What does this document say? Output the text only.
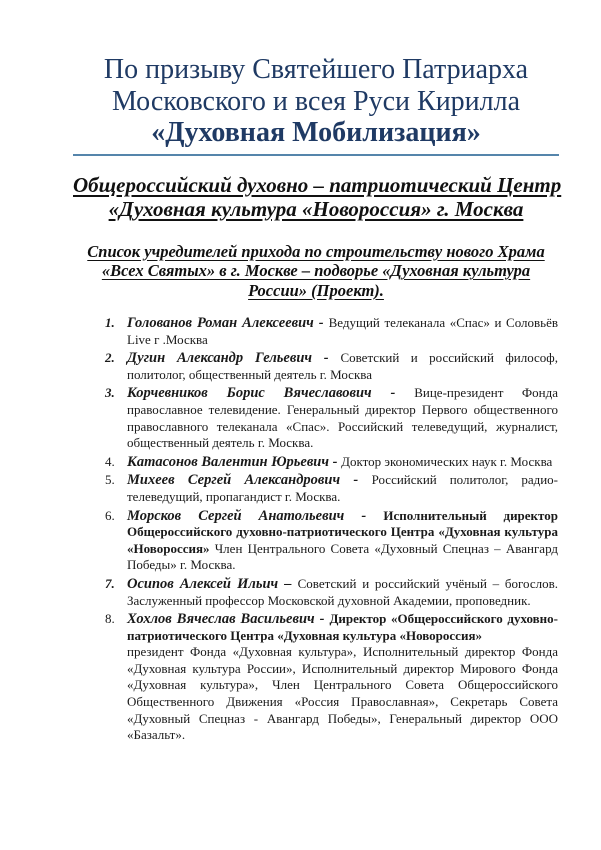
По призыву Святейшего Патриарха
Московского и всея Руси Кирилла
«Духовная Мобилизация»
Общероссийский духовно – патриотический Центр
«Духовная культура «Новороссия» г. Москва
Список учредителей прихода по строительству нового Храма
«Всех Святых» в г. Москве – подворье «Духовная культура
России» (Проект).
1. Голованов Роман Алексеевич - Ведущий телеканала «Спас» и Соловьёв Live г .Москва
2. Дугин Александр Гельевич - Советский и российский философ, политолог, общественный деятель г. Москва
3. Корчевников Борис Вячеславович - Вице-президент Фонда православное телевидение. Генеральный директор Первого общественного православного телеканала «Спас». Российский телеведущий, журналист, общественный деятель г. Москва.
4. Катасонов Валентин Юрьевич - Доктор экономических наук г. Москва
5. Михеев Сергей Александрович - Российский политолог, радио-телеведущий, пропагандист г. Москва.
6. Морсков Сергей Анатольевич - Исполнительный директор Общероссийского духовно-патриотического Центра «Духовная культура «Новороссия» Член Центрального Совета «Духовный Спецназ – Авангард Победы» г. Москва.
7. Осипов Алексей Ильич – Советский и российский учёный – богослов. Заслуженный профессор Московской духовной Академии, проповедник.
8. Хохлов Вячеслав Васильевич - Директор «Общероссийского духовно-патриотического Центра «Духовная культура «Новороссия»
президент Фонда «Духовная культура», Исполнительный директор Фонда «Духовная культура России», Исполнительный директор Мирового Фонда «Духовная культура», Член Центрального Совета Общероссийского Общественного Движения «Россия Православная», Секретарь Совета «Духовный Спецназ - Авангард Победы», Генеральный директор ООО «Базальт».
